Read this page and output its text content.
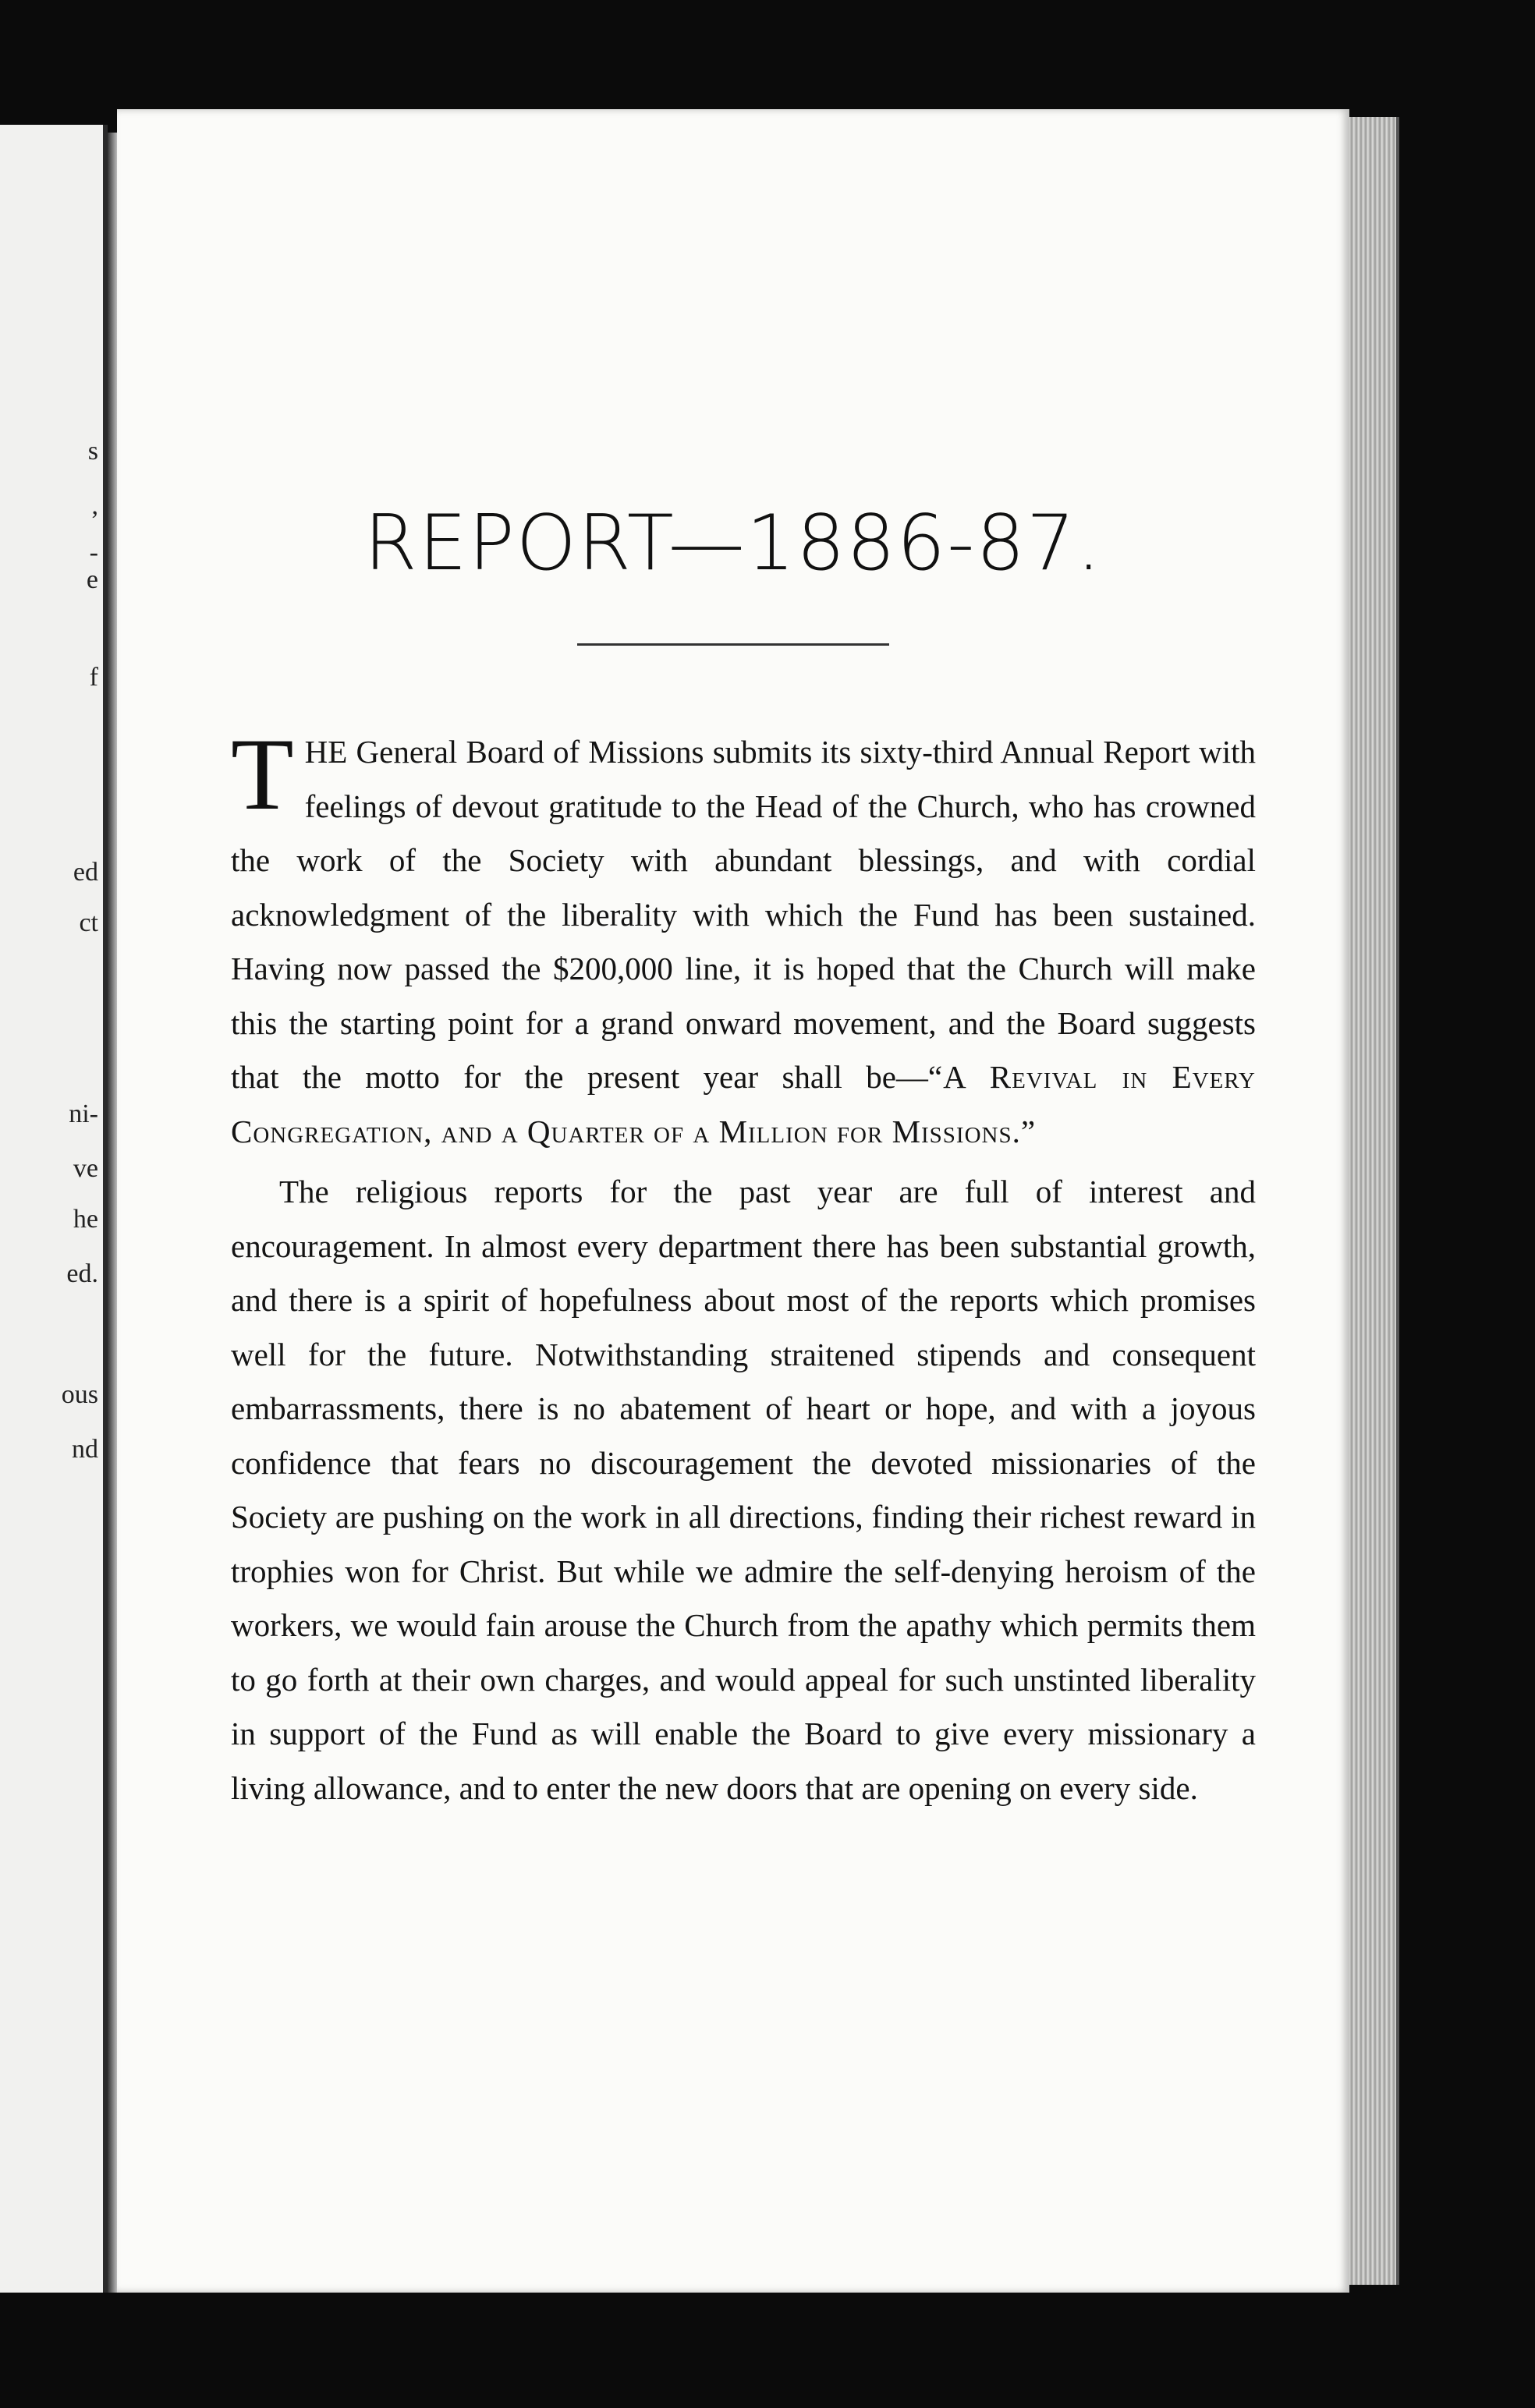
s
,
-
e
f
ed
ct
ni-
ve
he
ed.
ous
nd
REPORT—1886-87.

THE General Board of Missions submits its sixty-third Annual Report with feelings of devout gratitude to the Head of the Church, who has crowned the work of the Society with abundant blessings, and with cordial acknowledgment of the liberality with which the Fund has been sustained. Having now passed the $200,000 line, it is hoped that the Church will make this the starting point for a grand onward movement, and the Board suggests that the motto for the present year shall be—“A Revival in Every Congregation, and a Quarter of a Million for Missions.”

The religious reports for the past year are full of interest and encouragement. In almost every department there has been substantial growth, and there is a spirit of hopefulness about most of the reports which promises well for the future. Notwithstanding straitened stipends and consequent embarrassments, there is no abatement of heart or hope, and with a joyous confidence that fears no discouragement the devoted missionaries of the Society are pushing on the work in all directions, finding their richest reward in trophies won for Christ. But while we admire the self-denying heroism of the workers, we would fain arouse the Church from the apathy which permits them to go forth at their own charges, and would appeal for such unstinted liberality in support of the Fund as will enable the Board to give every missionary a living allowance, and to enter the new doors that are opening on every side.
